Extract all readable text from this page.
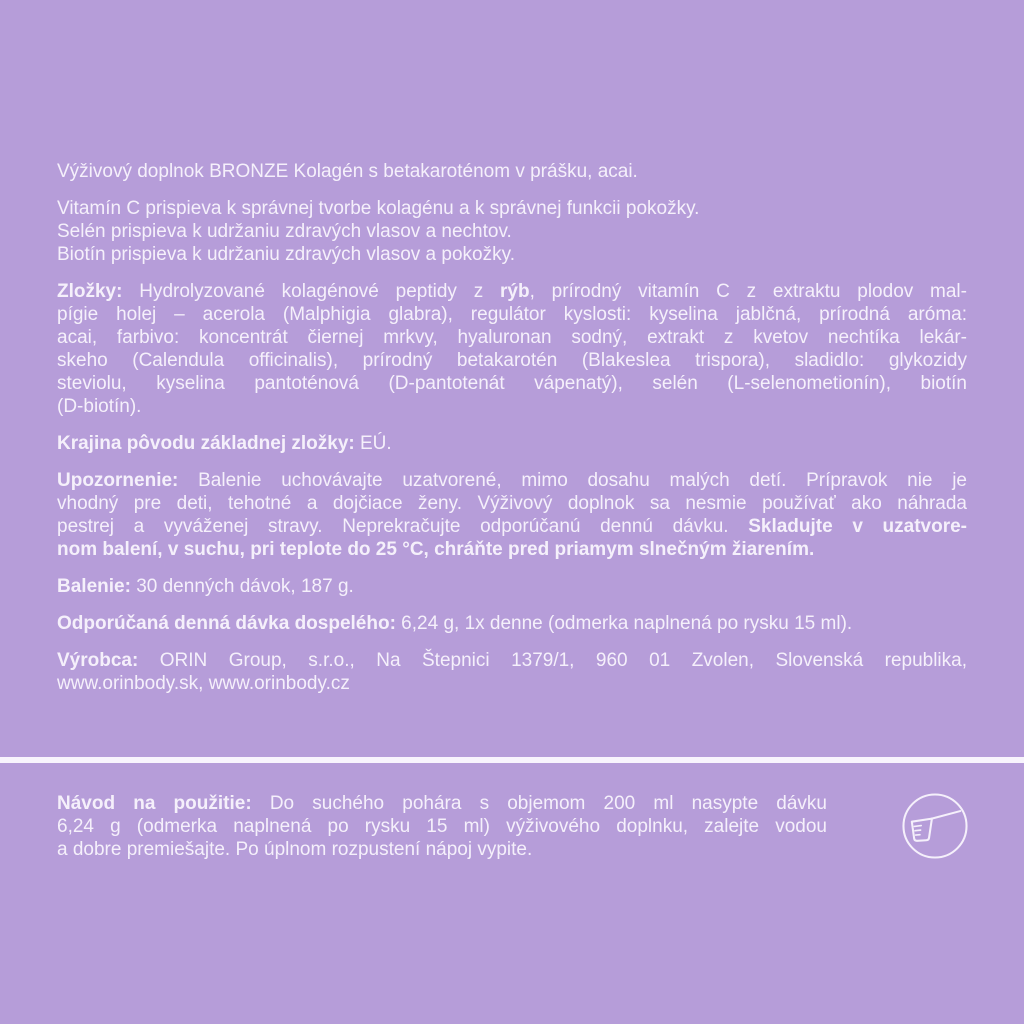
Výživový doplnok BRONZE Kolagén s betakaroténom v prášku, acai.
Vitamín C prispieva k správnej tvorbe kolagénu a k správnej funkcii pokožky.
Selén prispieva k udržaniu zdravých vlasov a nechtov.
Biotín prispieva k udržaniu zdravých vlasov a pokožky.
Zložky: Hydrolyzované kolagénové peptidy z rýb, prírodný vitamín C z extraktu plodov mal-
pígie holej – acerola (Malphigia glabra), regulátor kyslosti: kyselina jablčná, prírodná aróma:
acai, farbivo: koncentrát čiernej mrkvy, hyaluronan sodný, extrakt z kvetov nechtíka lekár-
skeho (Calendula officinalis), prírodný betakarotén (Blakeslea trispora), sladidlo: glykozidy
steviolu, kyselina pantoténová (D-pantotenát vápenatý), selén (L-selenometionín), biotín
(D-biotín).
Krajina pôvodu základnej zložky: EÚ.
Upozornenie: Balenie uchovávajte uzatvorené, mimo dosahu malých detí. Prípravok nie je
vhodný pre deti, tehotné a dojčiace ženy. Výživový doplnok sa nesmie používať ako náhrada
pestrej a vyváženej stravy. Neprekračujte odporúčanú dennú dávku. Skladujte v uzatvore-
nom balení, v suchu, pri teplote do 25 °C, chráňte pred priamym slnečným žiarením.
Balenie: 30 denných dávok, 187 g.
Odporúčaná denná dávka dospelého: 6,24 g, 1x denne (odmerka naplnená po rysku 15 ml).
Výrobca: ORIN Group, s.r.o., Na Štepnici 1379/1, 960 01 Zvolen, Slovenská republika,
www.orinbody.sk, www.orinbody.cz
Návod na použitie: Do suchého pohára s objemom 200 ml nasypte dávku
6,24 g (odmerka naplnená po rysku 15 ml) výživového doplnku, zalejte vodou
a dobre premiešajte. Po úplnom rozpustení nápoj vypite.
